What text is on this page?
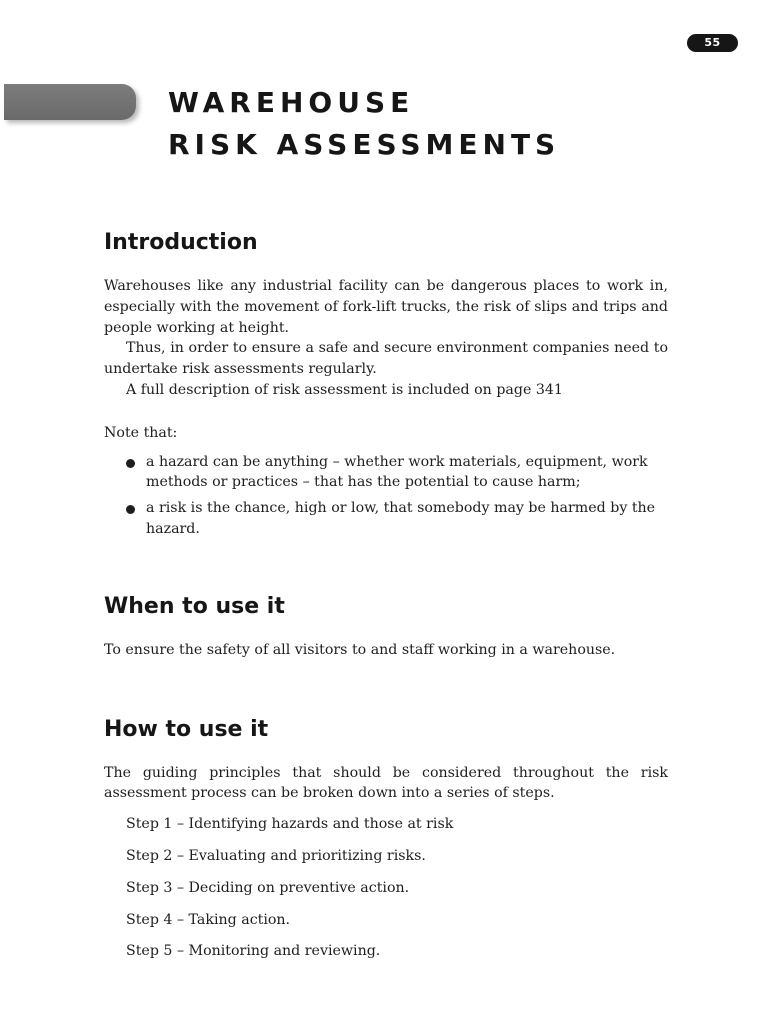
55
WAREHOUSE
RISK ASSESSMENTS
Introduction

Warehouses like any industrial facility can be dangerous places to work in, especially with the movement of fork-lift trucks, the risk of slips and trips and people working at height.

Thus, in order to ensure a safe and secure environment companies need to undertake risk assessments regularly.

A full description of risk assessment is included on page 341

Note that:

a hazard can be anything – whether work materials, equipment, work methods or practices – that has the potential to cause harm;
a risk is the chance, high or low, that somebody may be harmed by the hazard.
When to use it

To ensure the safety of all visitors to and staff working in a warehouse.

How to use it

The guiding principles that should be considered throughout the risk assessment process can be broken down into a series of steps.

Step 1 – Identifying hazards and those at risk

Step 2 – Evaluating and prioritizing risks.

Step 3 – Deciding on preventive action.

Step 4 – Taking action.

Step 5 – Monitoring and reviewing.
